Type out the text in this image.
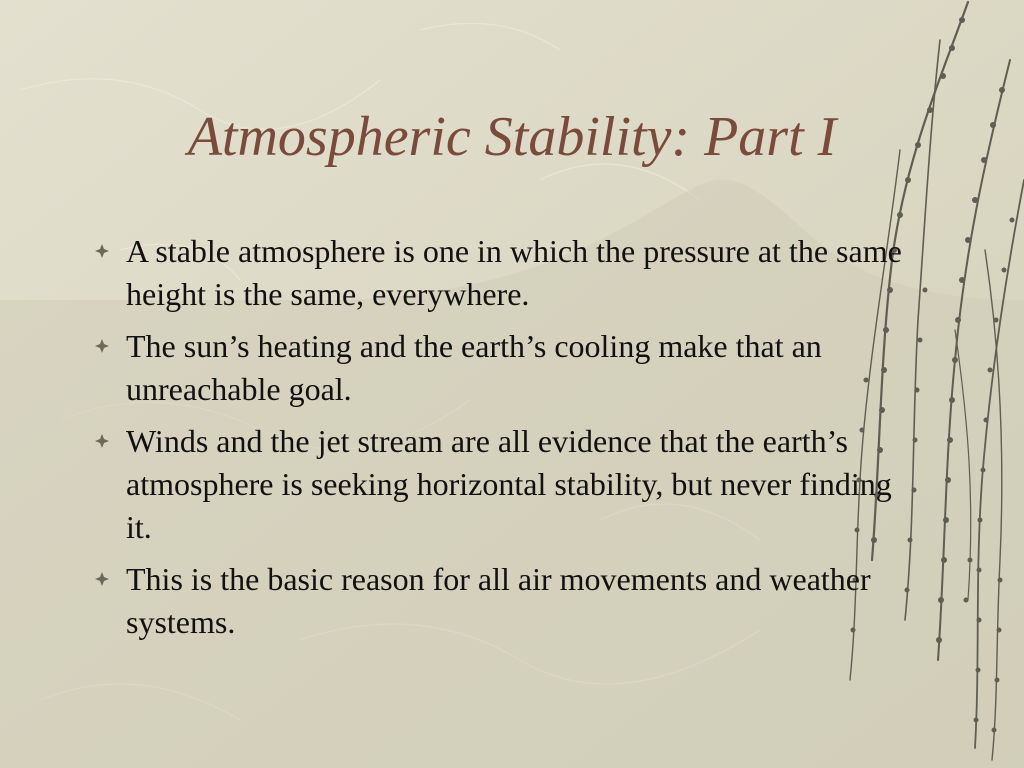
Atmospheric Stability: Part I
A stable atmosphere is one in which the pressure at the same height is the same, everywhere.
The sun’s heating and the earth’s cooling make that an unreachable goal.
Winds and the jet stream are all evidence that the earth’s atmosphere is seeking horizontal stability, but never finding it.
This is the basic reason for all air movements and weather systems.
